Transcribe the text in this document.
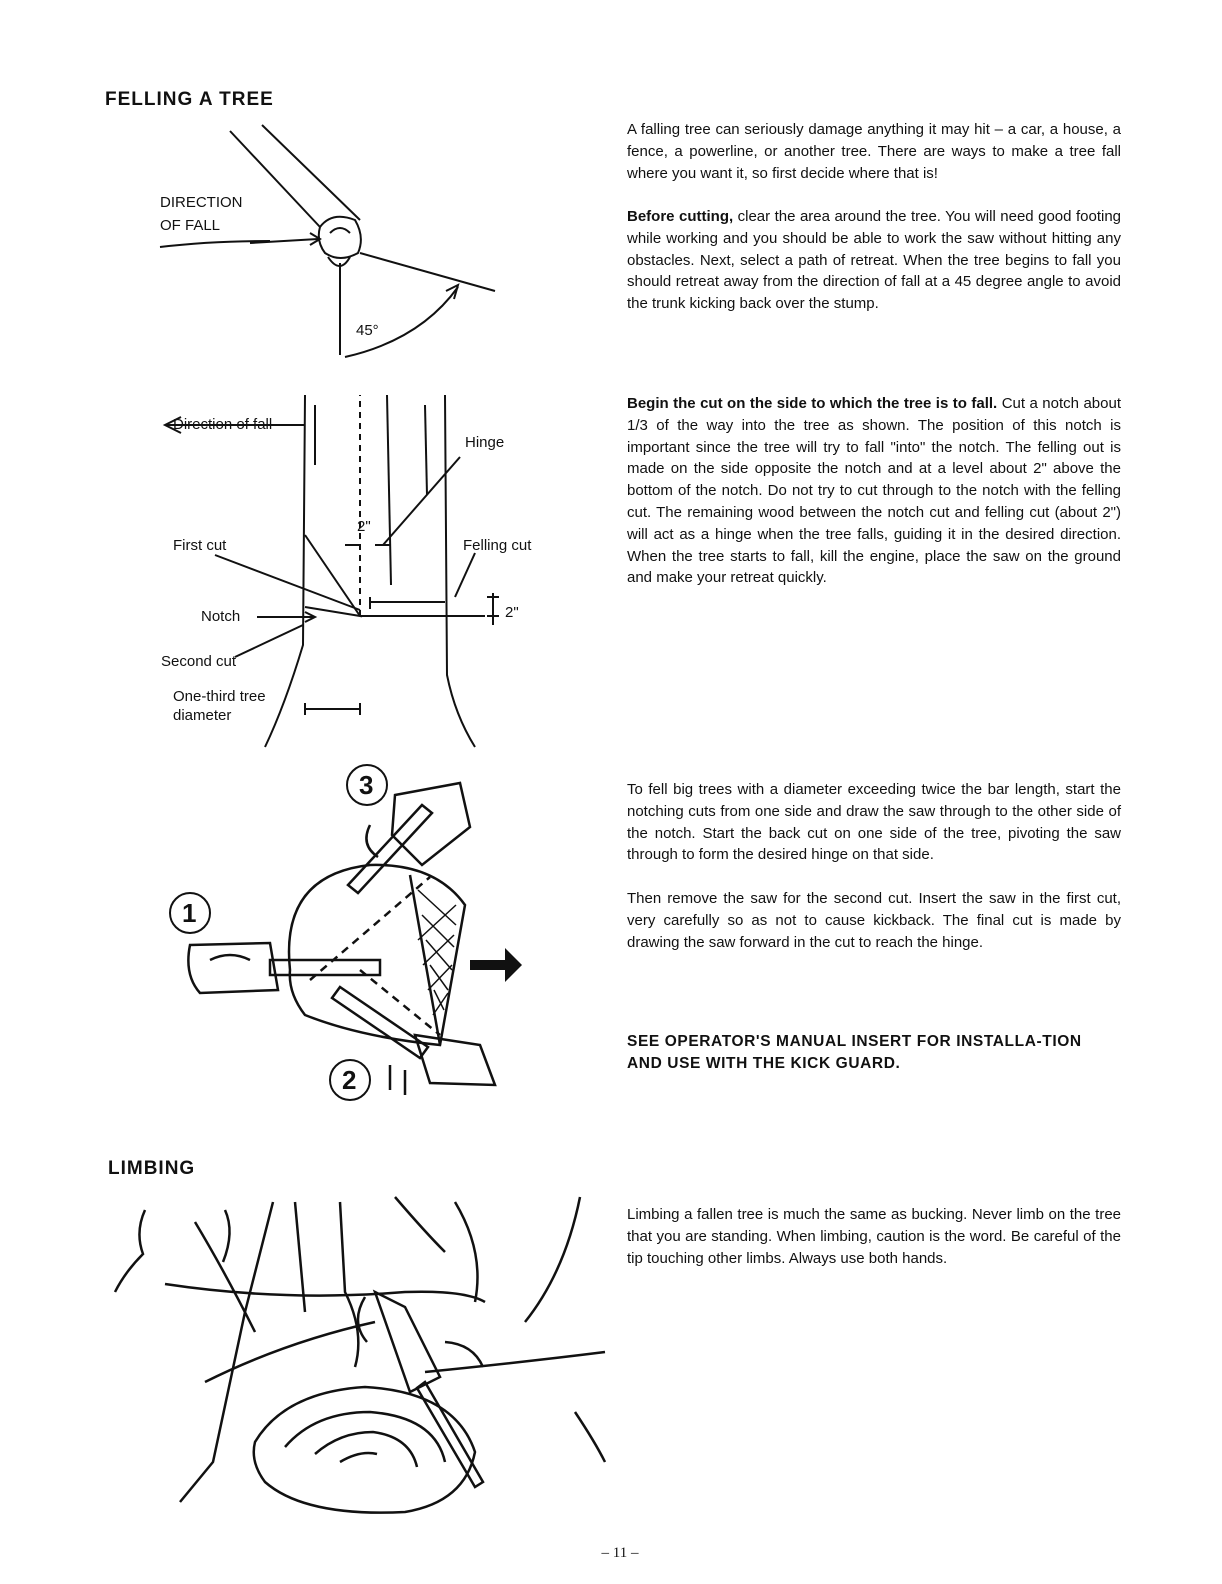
FELLING A TREE
DIRECTION
OF FALL
45°

A falling tree can seriously damage anything it may hit – a car, a house, a fence, a powerline, or another tree. There are ways to make a tree fall where you want it, so first decide where that is!

Before cutting, clear the area around the tree. You will need good footing while working and you should be able to work the saw without hitting any obstacles. Next, select a path of retreat. When the tree begins to fall you should retreat away from the direction of fall at a 45 degree angle to avoid the trunk kicking back over the stump.

Direction of fall
Hinge
2"
First cut	Felling cut
Notch	2"
Second cut
One-third tree
diameter

Begin the cut on the side to which the tree is to fall. Cut a notch about 1/3 of the way into the tree as shown. The position of this notch is important since the tree will try to fall "into" the notch. The felling out is made on the side opposite the notch and at a level about 2" above the bottom of the notch. Do not try to cut through to the notch with the felling cut. The remaining wood between the notch cut and felling cut (about 2") will act as a hinge when the tree falls, guiding it in the desired direction. When the tree starts to fall, kill the engine, place the saw on the ground and make your retreat quickly.

3
1
2

To fell big trees with a diameter exceeding twice the bar length, start the notching cuts from one side and draw the saw through to the other side of the notch. Start the back cut on one side of the tree, pivoting the saw through to form the desired hinge on that side.

Then remove the saw for the second cut. Insert the saw in the first cut, very carefully so as not to cause kickback. The final cut is made by drawing the saw forward in the cut to reach the hinge.

SEE OPERATOR'S MANUAL INSERT FOR INSTALLA-TION AND USE WITH THE KICK GUARD.

LIMBING

Limbing a fallen tree is much the same as bucking. Never limb on the tree that you are standing. When limbing, caution is the word. Be careful of the tip touching other limbs. Always use both hands.

– 11 –
